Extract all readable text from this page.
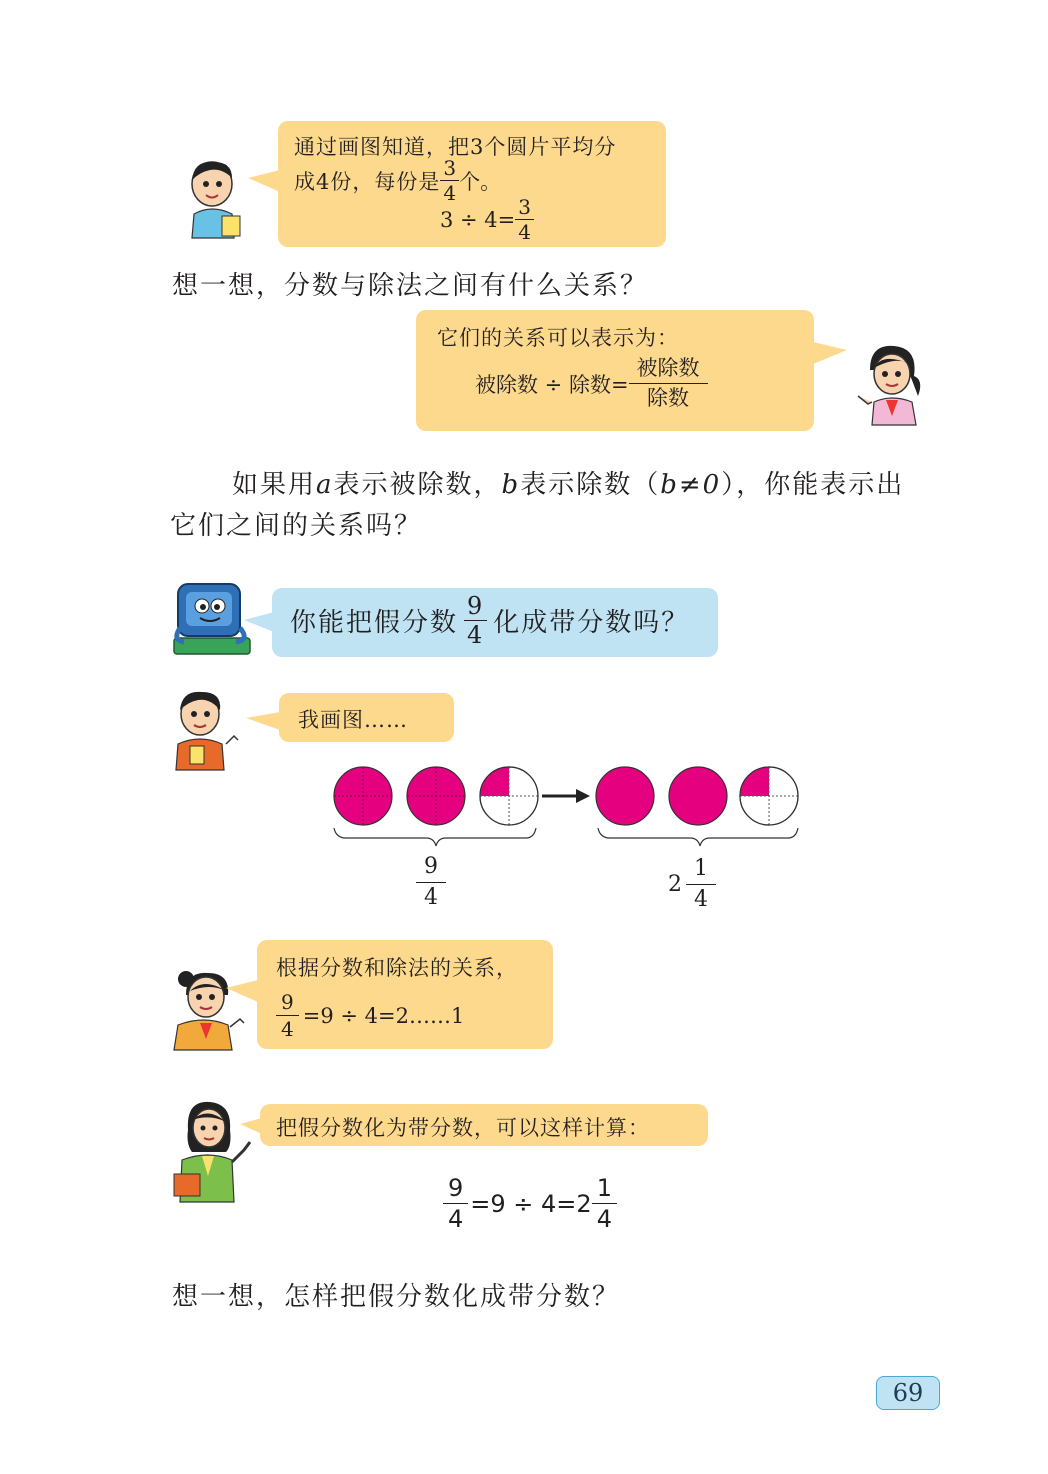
通过画图知道，把3个圆片平均分
成4份，每份是 $\frac{3}{4}$ 个。
$3 \div 4= \frac{3}{4}$
想一想，分数与除法之间有什么关系？
它们的关系可以表示为：
被除数 ÷ 除数= $\frac{\text{被除数}}{\text{除数}}$
如果用a表示被除数，b表示除数（b≠0），你能表示出
它们之间的关系吗？
你能把假分数 $\frac{9}{4}$ 化成带分数吗？
我画图……
$\frac{9}{4}$	$2 \frac{1}{4}$
根据分数和除法的关系，
$\frac{9}{4} =9$ ÷ 4=2……1
把假分数化为带分数，可以这样计算：
$\frac{9}{4} =9 \div 4=2 \frac{1}{4}$
想一想，怎样把假分数化成带分数？
69
